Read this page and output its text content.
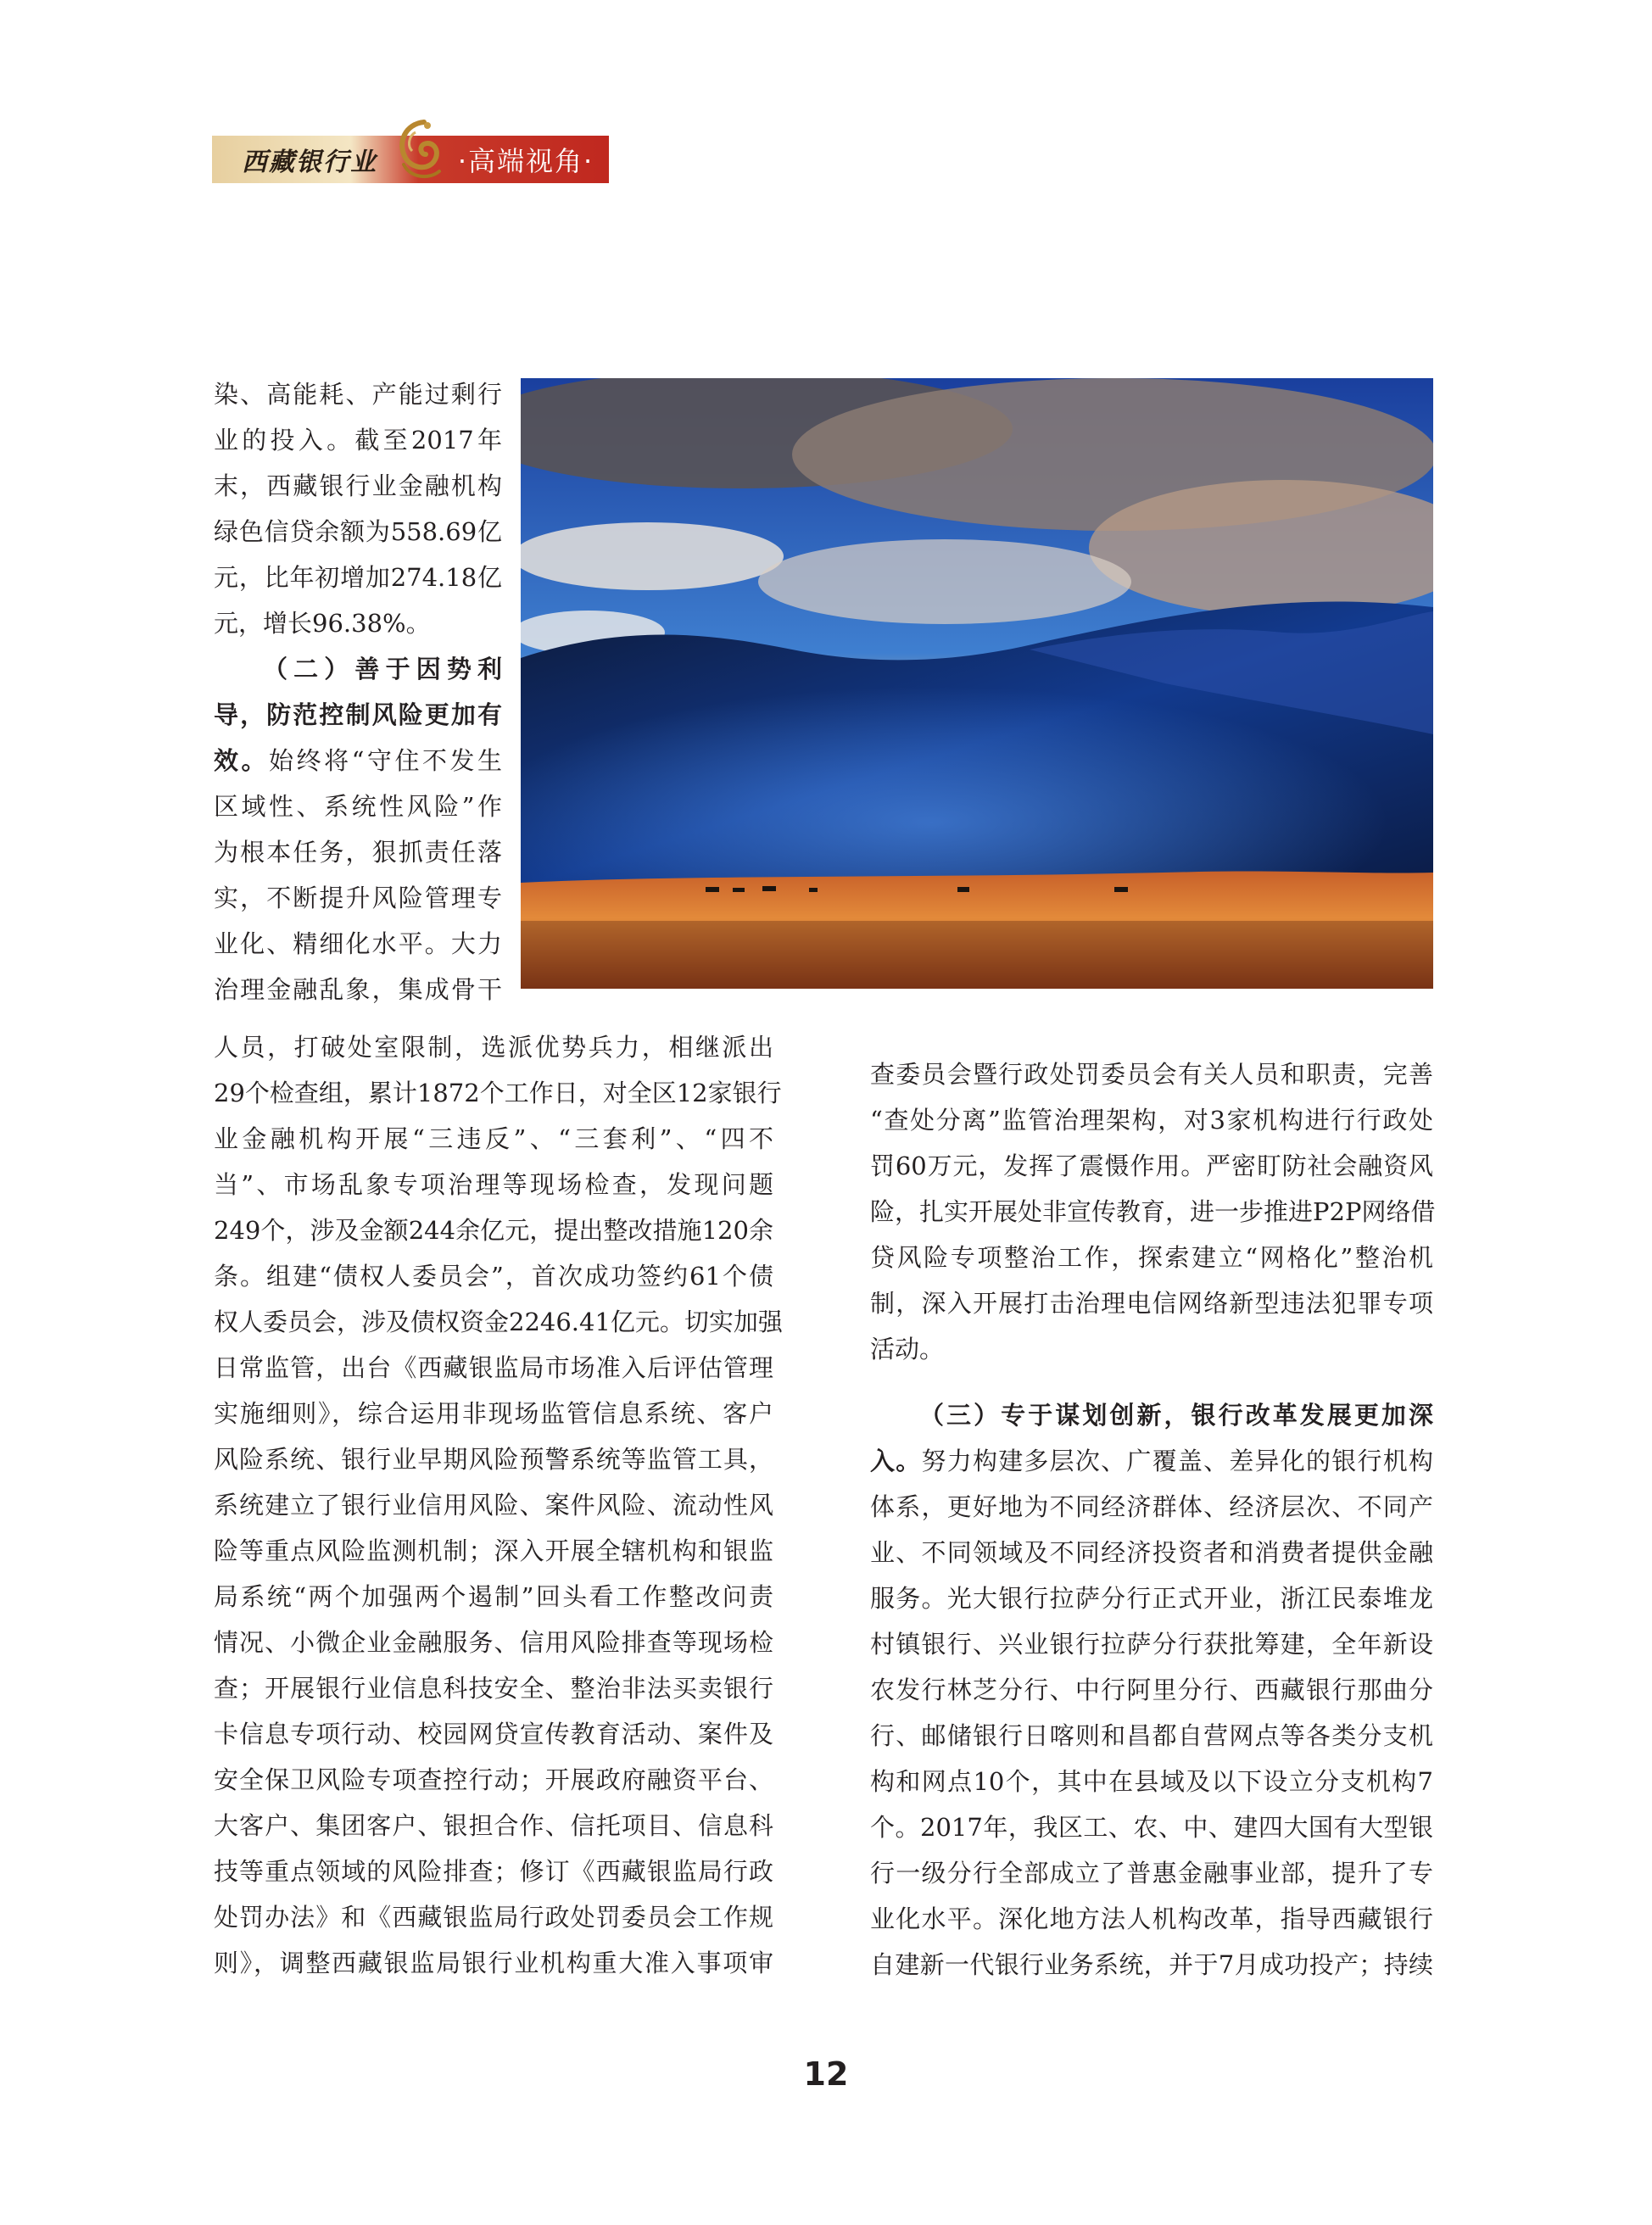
西藏银行业	·高端视角·
染、高能耗、产能过剩行
业的投入。截至2017年
末，西藏银行业金融机构
绿色信贷余额为558.69亿
元，比年初增加274.18亿
元，增长96.38%。
（二）善于因势利
导，防范控制风险更加有
效。始终将“守住不发生
区域性、系统性风险”作
为根本任务，狠抓责任落
实，不断提升风险管理专
业化、精细化水平。大力
治理金融乱象，集成骨干
人员，打破处室限制，选派优势兵力，相继派出
29个检查组，累计1872个工作日，对全区12家银行
业金融机构开展“三违反”、“三套利”、“四不
当”、市场乱象专项治理等现场检查，发现问题
249个，涉及金额244余亿元，提出整改措施120余
条。组建“债权人委员会”，首次成功签约61个债
权人委员会，涉及债权资金2246.41亿元。切实加强
日常监管，出台《西藏银监局市场准入后评估管理
实施细则》，综合运用非现场监管信息系统、客户
风险系统、银行业早期风险预警系统等监管工具，
系统建立了银行业信用风险、案件风险、流动性风
险等重点风险监测机制；深入开展全辖机构和银监
局系统“两个加强两个遏制”回头看工作整改问责
情况、小微企业金融服务、信用风险排查等现场检
查；开展银行业信息科技安全、整治非法买卖银行
卡信息专项行动、校园网贷宣传教育活动、案件及
安全保卫风险专项查控行动；开展政府融资平台、
大客户、集团客户、银担合作、信托项目、信息科
技等重点领域的风险排查；修订《西藏银监局行政
处罚办法》和《西藏银监局行政处罚委员会工作规
则》，调整西藏银监局银行业机构重大准入事项审
查委员会暨行政处罚委员会有关人员和职责，完善
“查处分离”监管治理架构，对3家机构进行行政处
罚60万元，发挥了震慑作用。严密盯防社会融资风
险，扎实开展处非宣传教育，进一步推进P2P网络借
贷风险专项整治工作，探索建立“网格化”整治机
制，深入开展打击治理电信网络新型违法犯罪专项
活动。
（三）专于谋划创新，银行改革发展更加深
入。努力构建多层次、广覆盖、差异化的银行机构
体系，更好地为不同经济群体、经济层次、不同产
业、不同领域及不同经济投资者和消费者提供金融
服务。光大银行拉萨分行正式开业，浙江民泰堆龙
村镇银行、兴业银行拉萨分行获批筹建，全年新设
农发行林芝分行、中行阿里分行、西藏银行那曲分
行、邮储银行日喀则和昌都自营网点等各类分支机
构和网点10个，其中在县域及以下设立分支机构7
个。2017年，我区工、农、中、建四大国有大型银
行一级分行全部成立了普惠金融事业部，提升了专
业化水平。深化地方法人机构改革，指导西藏银行
自建新一代银行业务系统，并于7月成功投产；持续
12
